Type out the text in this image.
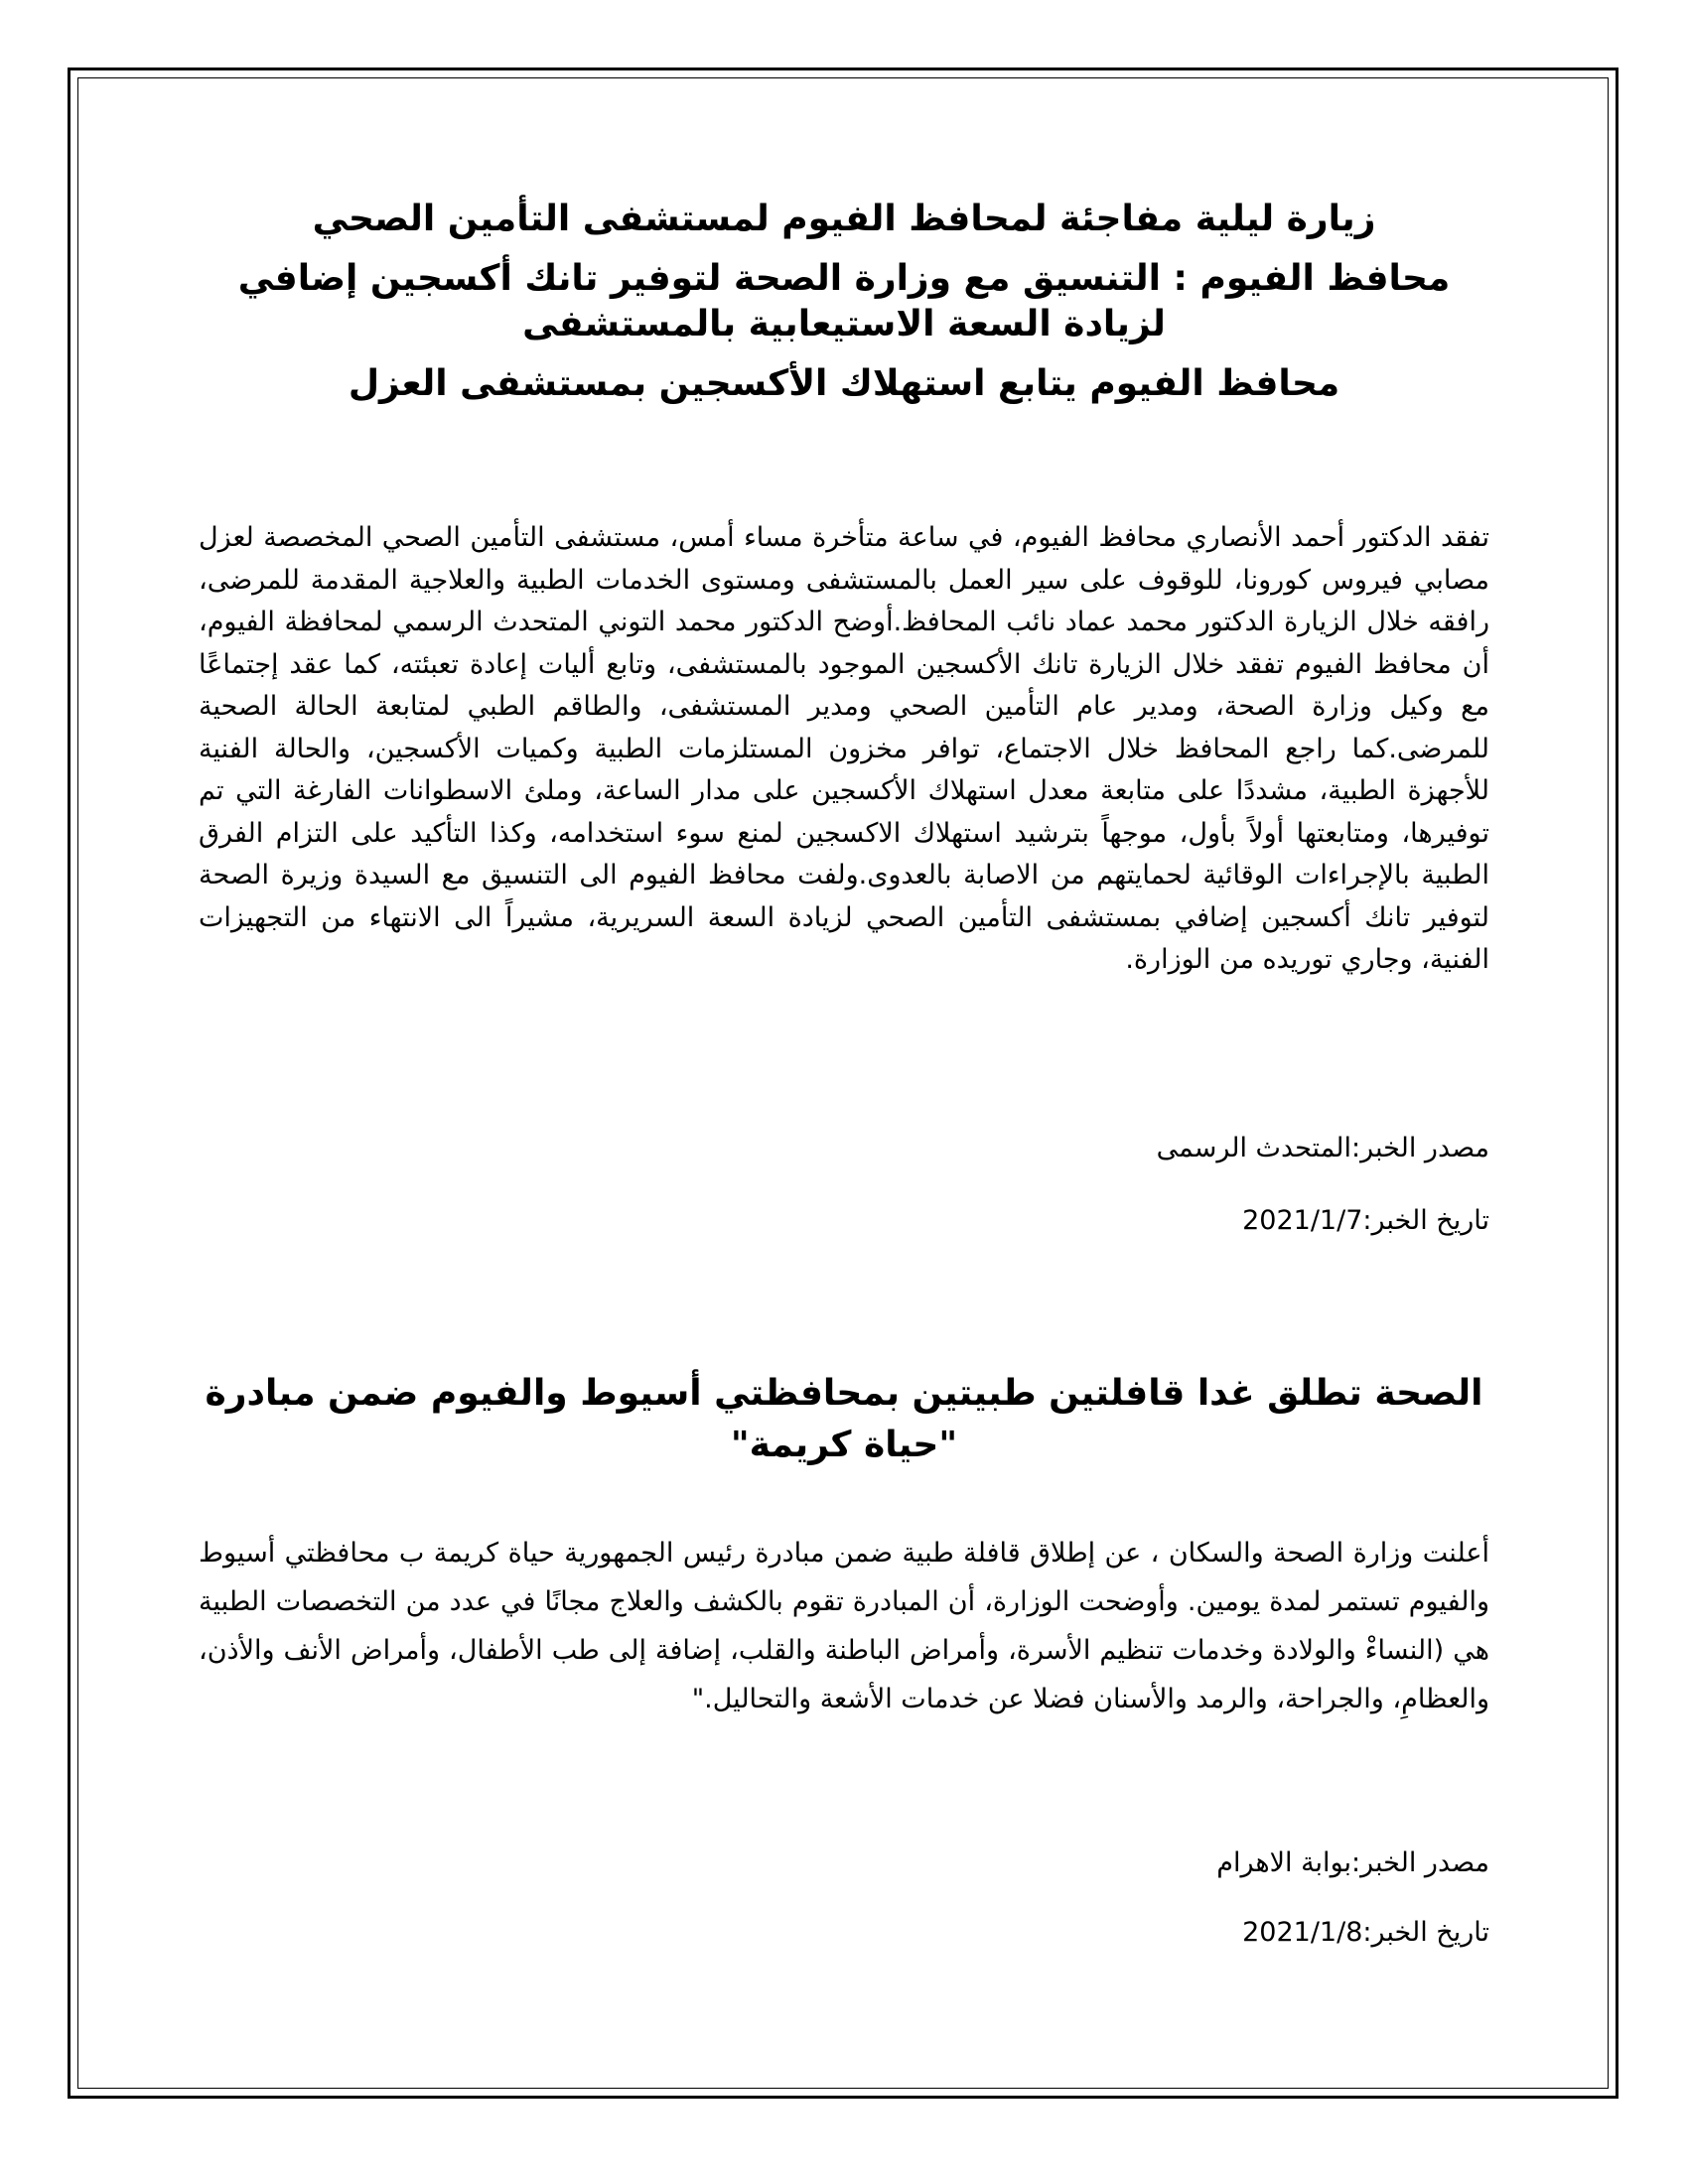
زيارة ليلية مفاجئة لمحافظ الفيوم لمستشفى التأمين الصحي
محافظ الفيوم : التنسيق مع وزارة الصحة لتوفير تانك أكسجين إضافي لزيادة السعة الاستيعابية بالمستشفى
محافظ الفيوم يتابع استهلاك الأكسجين بمستشفى العزل

تفقد الدكتور أحمد الأنصاري محافظ الفيوم، في ساعة متأخرة مساء أمس، مستشفى التأمين الصحي المخصصة لعزل مصابي فيروس كورونا، للوقوف على سير العمل بالمستشفى ومستوى الخدمات الطبية والعلاجية المقدمة للمرضى، رافقه خلال الزيارة الدكتور محمد عماد نائب المحافظ.أوضح الدكتور محمد التوني المتحدث الرسمي لمحافظة الفيوم، أن محافظ الفيوم تفقد خلال الزيارة تانك الأكسجين الموجود بالمستشفى، وتابع أليات إعادة تعبئته، كما عقد إجتماعًا مع وكيل وزارة الصحة، ومدير عام التأمين الصحي ومدير المستشفى، والطاقم الطبي لمتابعة الحالة الصحية للمرضى.كما راجع المحافظ خلال الاجتماع، توافر مخزون المستلزمات الطبية وكميات الأكسجين، والحالة الفنية للأجهزة الطبية، مشددًا على متابعة معدل استهلاك الأكسجين على مدار الساعة، وملئ الاسطوانات الفارغة التي تم توفيرها، ومتابعتها أولاً بأول، موجهاً بترشيد استهلاك الاكسجين لمنع سوء استخدامه، وكذا التأكيد على التزام الفرق الطبية بالإجراءات الوقائية لحمايتهم من الاصابة بالعدوى.ولفت محافظ الفيوم الى التنسيق مع السيدة وزيرة الصحة لتوفير تانك أكسجين إضافي بمستشفى التأمين الصحي لزيادة السعة السريرية، مشيراً الى الانتهاء من التجهيزات الفنية، وجاري توريده من الوزارة.

مصدر الخبر:المتحدث الرسمى

تاريخ الخبر:2021/1/7

الصحة تطلق غدا قافلتين طبيتين بمحافظتي أسيوط والفيوم ضمن مبادرة "حياة كريمة"

أعلنت وزارة الصحة والسكان ، عن إطلاق قافلة طبية ضمن مبادرة رئيس الجمهورية حياة كريمة ب محافظتي أسيوط والفيوم تستمر لمدة يومين. وأوضحت الوزارة، أن المبادرة تقوم بالكشف والعلاج مجانًا في عدد من التخصصات الطبية هي (النساءْ والولادة وخدمات تنظيم الأسرة، وأمراض الباطنة والقلب، إضافة إلى طب الأطفال، وأمراض الأنف والأذن، والعظامِ، والجراحة، والرمد والأسنان فضلا عن خدمات الأشعة والتحاليل."

مصدر الخبر:بوابة الاهرام

تاريخ الخبر:2021/1/8
